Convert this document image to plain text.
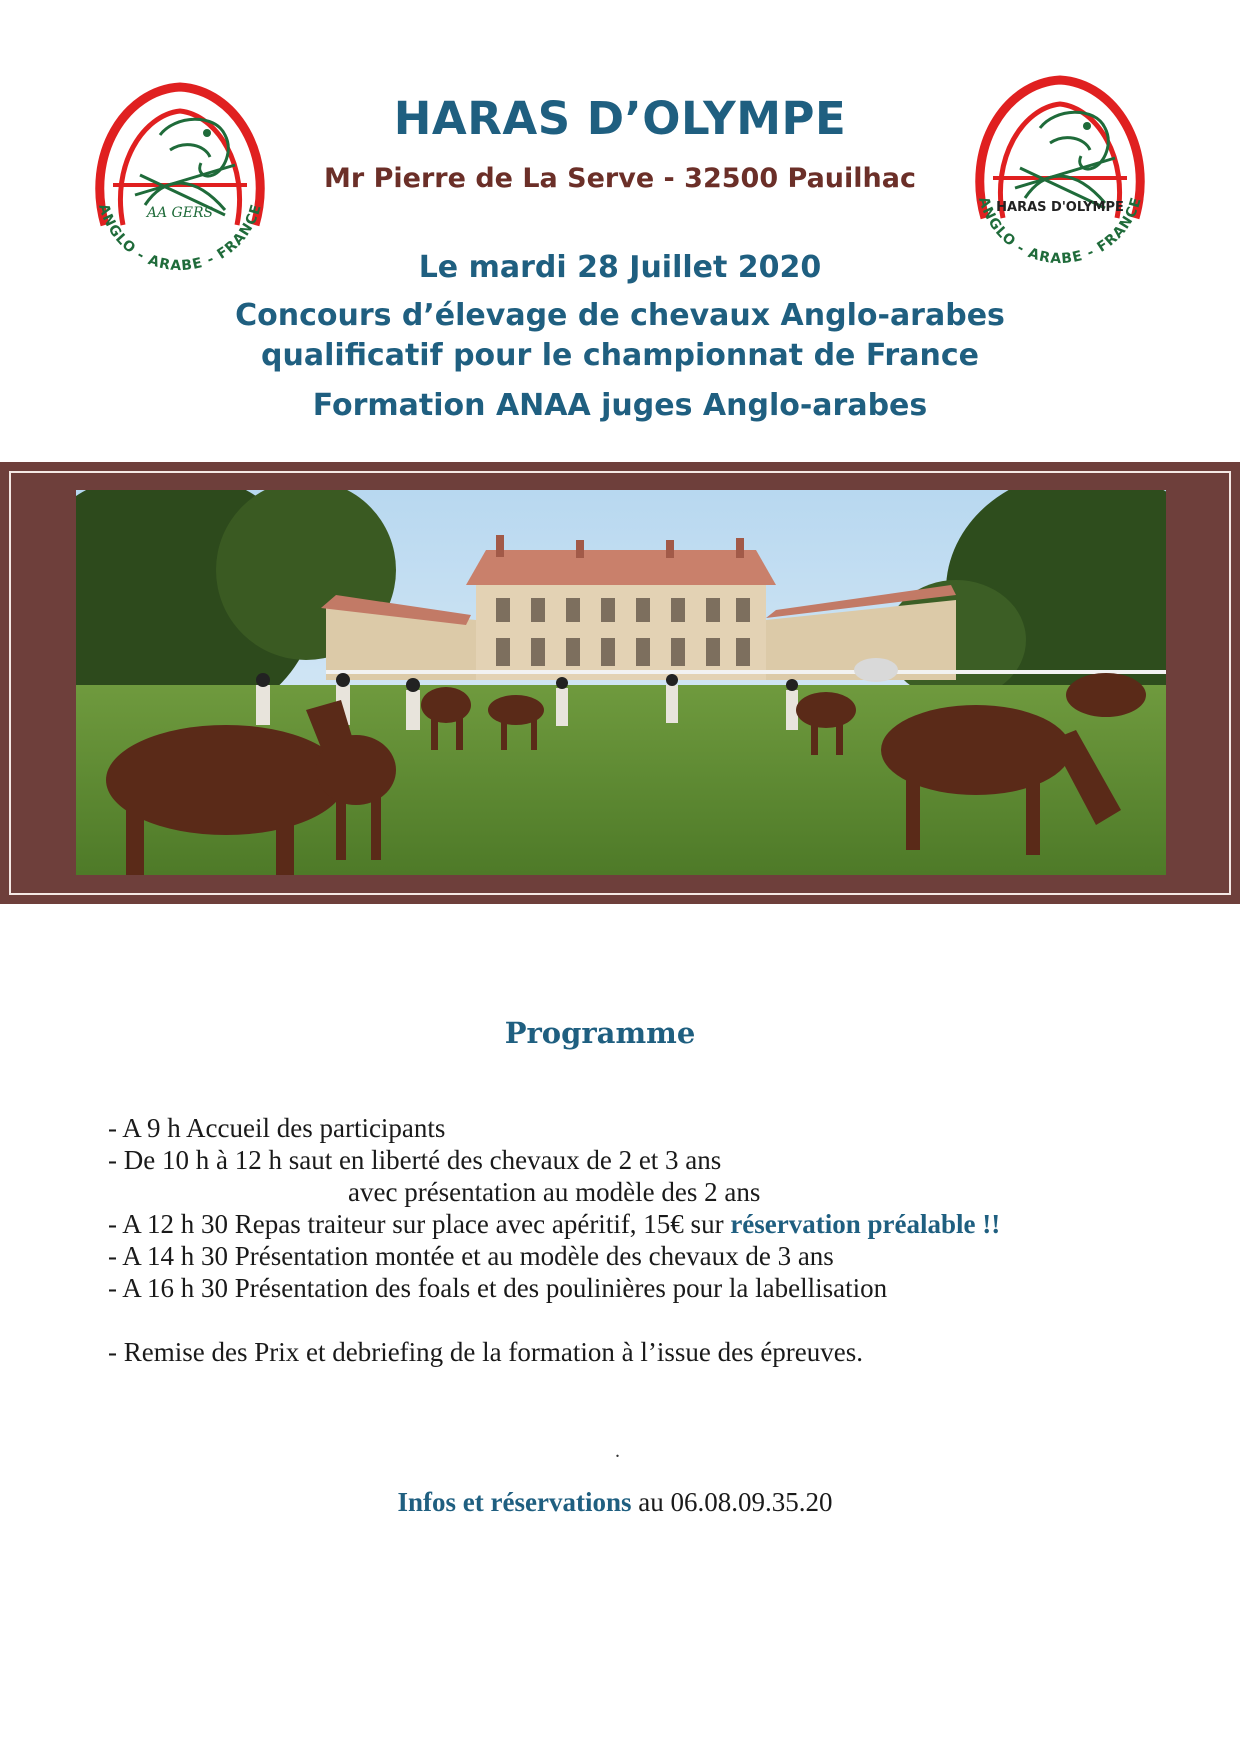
AA GERS
ANGLO - ARABE - FRANCE	HARAS D'OLYMPE
ANGLO - ARABE - FRANCE
HARAS D’OLYMPE
Mr Pierre de La Serve - 32500 Pauilhac
Le mardi 28 Juillet 2020
Concours d’élevage de chevaux Anglo-arabes
qualificatif pour le championnat de France
Formation ANAA juges Anglo-arabes
Programme
- A 9 h Accueil des participants
- De 10 h à 12 h saut en liberté des chevaux de 2 et 3 ans
avec présentation au modèle des 2 ans
- A 12 h 30 Repas traiteur sur place avec apéritif, 15€ sur réservation préalable !!
- A 14 h 30 Présentation montée et au modèle des chevaux de 3 ans
- A 16 h 30 Présentation des foals et des poulinières pour la labellisation
- Remise des Prix et debriefing de la formation à l’issue des épreuves.
.
Infos et réservations au 06.08.09.35.20
